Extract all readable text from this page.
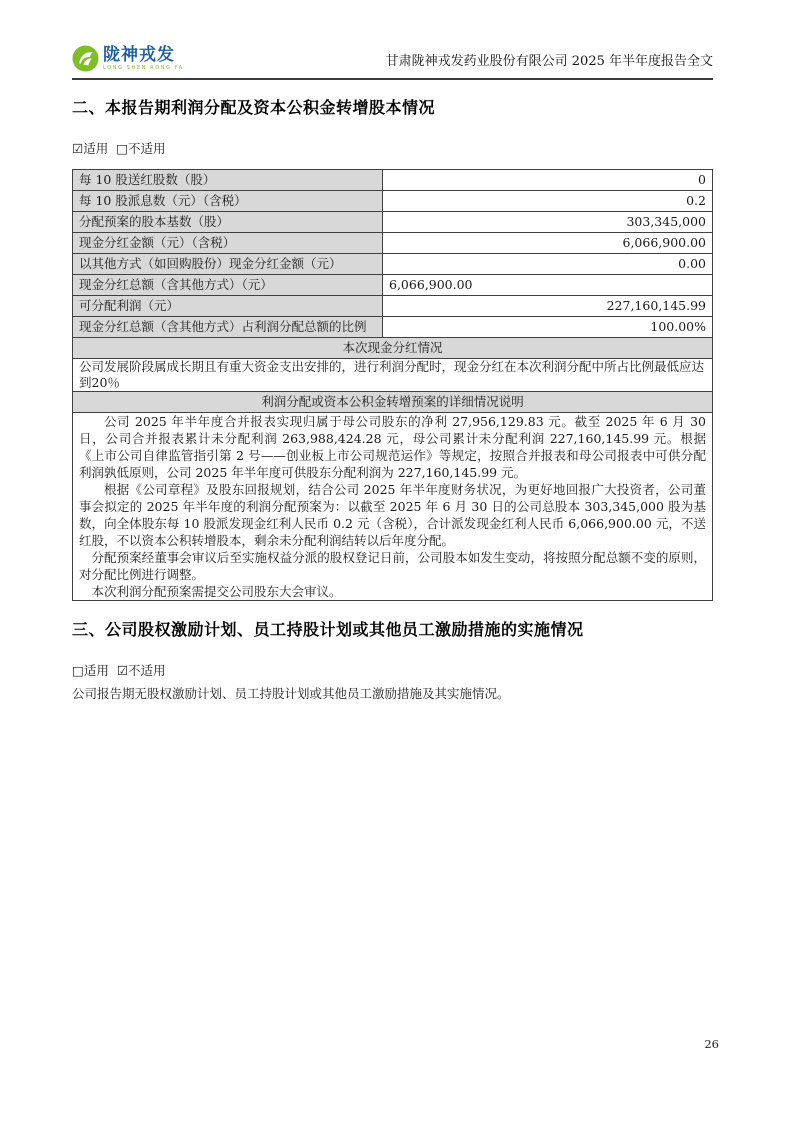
陇神戎发
LONG SHEN RONG FA	甘肃陇神戎发药业股份有限公司 2025 年半年度报告全文
二、本报告期利润分配及资本公积金转增股本情况
☑适用 □不适用
每 10 股送红股数（股）	0
每 10 股派息数（元）（含税）	0.2
分配预案的股本基数（股）	303,345,000
现金分红金额（元）（含税）	6,066,900.00
以其他方式（如回购股份）现金分红金额（元）	0.00
现金分红总额（含其他方式）（元）	6,066,900.00
可分配利润（元）	227,160,145.99
现金分红总额（含其他方式）占利润分配总额的比例	100.00%
本次现金分红情况	
公司发展阶段属成长期且有重大资金支出安排的，进行利润分配时，现金分红在本次利润分配中所占比例最低应达到20％	
利润分配或资本公积金转增预案的详细情况说明	

公司 2025 年半年度合并报表实现归属于母公司股东的净利 27,956,129.83 元。截至 2025 年 6 月 30 日，公司合并报表累计未分配利润 263,988,424.28 元，母公司累计未分配利润 227,160,145.99 元。根据《上市公司自律监管指引第 2 号——创业板上市公司规范运作》等规定，按照合并报表和母公司报表中可供分配利润孰低原则，公司 2025 年半年度可供股东分配利润为 227,160,145.99 元。

根据《公司章程》及股东回报规划，结合公司 2025 年半年度财务状况，为更好地回报广大投资者，公司董事会拟定的 2025 年半年度的利润分配预案为：以截至 2025 年 6 月 30 日的公司总股本 303,345,000 股为基数，向全体股东每 10 股派发现金红利人民币 0.2 元（含税），合计派发现金红利人民币 6,066,900.00 元，不送红股，不以资本公积转增股本，剩余未分配利润结转以后年度分配。

分配预案经董事会审议后至实施权益分派的股权登记日前，公司股本如发生变动，将按照分配总额不变的原则，对分配比例进行调整。

本次利润分配预案需提交公司股东大会审议。	

三、公司股权激励计划、员工持股计划或其他员工激励措施的实施情况
□适用 ☑不适用
公司报告期无股权激励计划、员工持股计划或其他员工激励措施及其实施情况。
26
